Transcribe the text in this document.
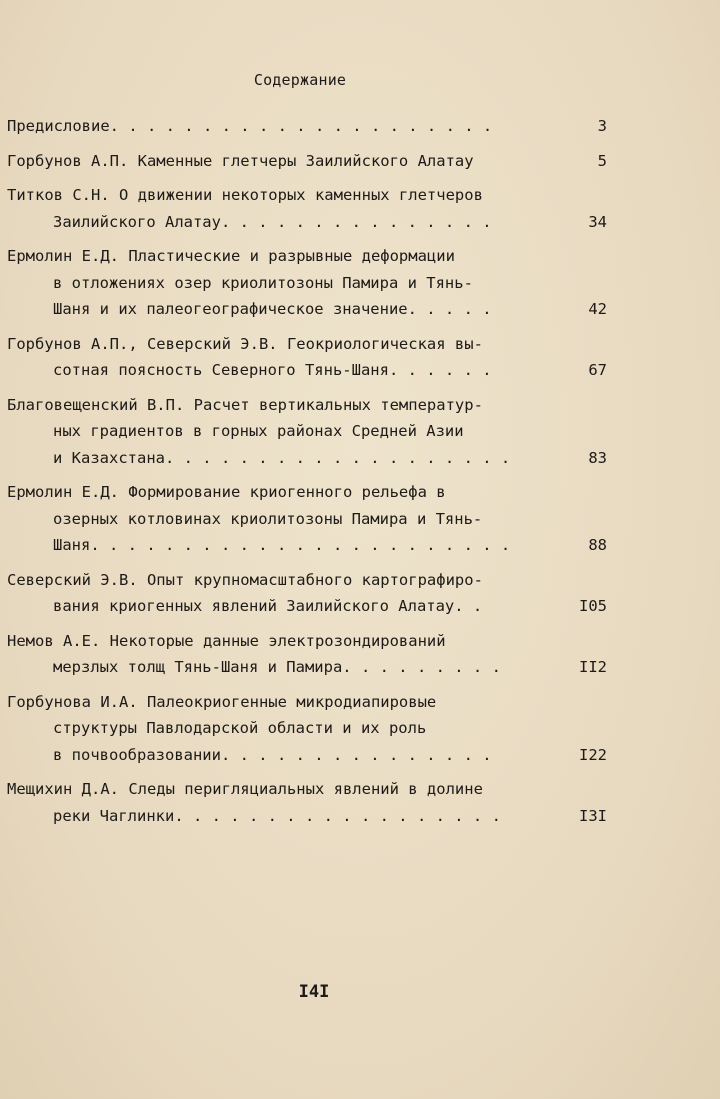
Содержание
Предисловие. . . . . . . . . . . . . . . . . . . . .	3
Горбунов А.П. Каменные глетчеры Заилийского Алатау	5
Титков С.Н. О движении некоторых каменных глетчеров
Заилийского Алатау. . . . . . . . . . . . . . .	34
Ермолин Е.Д. Пластические и разрывные деформации
в отложениях озер криолитозоны Памира и Тянь-
Шаня и их палеогеографическое значение. . . . .	42
Горбунов А.П., Северский Э.В. Геокриологическая вы-
сотная поясность Северного Тянь-Шаня. . . . . .	67
Благовещенский В.П. Расчет вертикальных температур-
ных градиентов в горных районах Средней Азии
и Казахстана. . . . . . . . . . . . . . . . . . .	83
Ермолин Е.Д. Формирование криогенного рельефа в
озерных котловинах криолитозоны Памира и Тянь-
Шаня. . . . . . . . . . . . . . . . . . . . . . .	88
Северский Э.В. Опыт крупномасштабного картографиро-
вания криогенных явлений Заилийского Алатау. .	I05
Немов А.Е. Некоторые данные электрозондирований
мерзлых толщ Тянь-Шаня и Памира. . . . . . . . .	II2
Горбунова И.А. Палеокриогенные микродиапировые
структуры Павлодарской области и их роль
в почвообразовании. . . . . . . . . . . . . . .	I22
Мещихин Д.А. Следы перигляциальных явлений в долине
реки Чаглинки. . . . . . . . . . . . . . . . . .	I3I
I4I
